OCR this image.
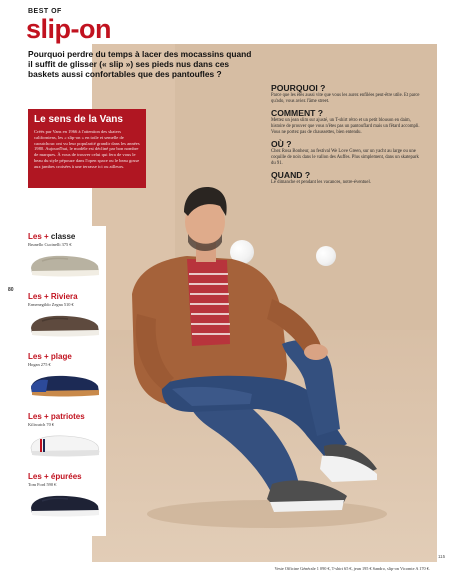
BEST OF
slip-on
Pourquoi perdre du temps à lacer des mocassins quand il suffit de glisser (« slip ») ses pieds nus dans ces baskets aussi confortables que des pantoufles ?
Le sens de la Vans

Créés par Vans en 1966 à l'attention des skaters californiens, les « slip-on » en toile et semelle de caoutchouc ont vu leur popularité grandir dans les années 1980. Aujourd'hui, le modèle est décliné par bon nombre de marques. À vous de trouver celui qui fera de vous le beau du style pépouze dans l'open space ou le beau gosse aux jambes croisées à une terrasse ici ou ailleurs.

POURQUOI ?
Parce que les êtes aussi vite que vous les aurez enfilées peut-être utile. Et parce qu'ado, vous aviez l'âme street.
COMMENT ?
Mettez un jean slim sur ajusté, un T-shirt rétro et un petit blouson en daim, histoire de prouver que vous n'êtes pas un pantouflard mais un fêtard accompli. Vous ne portez pas de chaussettes, bien entendu.
OÙ ?
Chez Rosa Bonheur, au festival We Love Green, sur un yacht au large ou une coquille de noix dans le vallon des Auffes. Plus simplement, dans un skatepark du 91.
QUAND ?
Le dimanche et pendant les vacances, notre-éventuel.
Les + classe
Brunello Cucinelli 375 €
Les + Riviera
Ermenegildo Zegna 510 €
Les + plage
Hogan 275 €
Les + patriotes
Kiliwatch 70 €
Les + épurées
Tom Ford 590 €
80
115
Veste Officine Générale 1 090 €, T-shirt 65 €, jean 195 € Sandro, slip-on Vicomte A 170 €.
